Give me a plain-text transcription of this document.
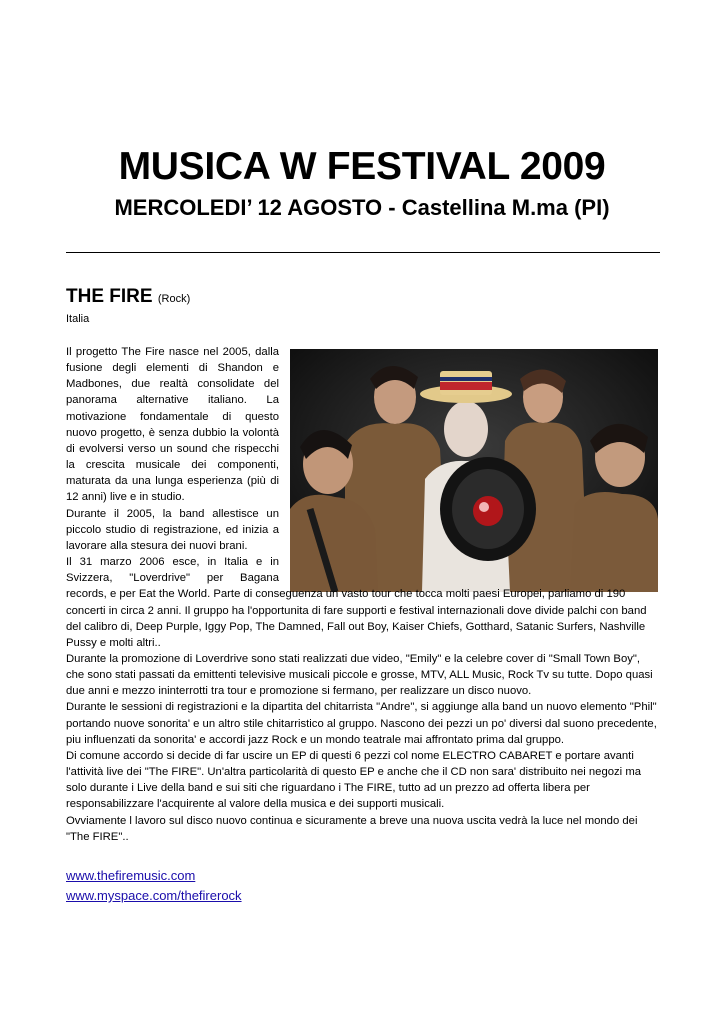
MUSICA W FESTIVAL 2009
MERCOLEDI’ 12 AGOSTO - Castellina M.ma (PI)
THE FIRE (Rock)
Italia
Il progetto The Fire nasce nel 2005, dalla fusione degli elementi di Shandon e Madbones, due realtà consolidate del panorama alternative italiano. La motivazione fondamentale di questo nuovo progetto, è senza dubbio la volontà di evolversi verso un sound che rispecchi la crescita musicale dei componenti, maturata da una lunga esperienza (più di 12 anni) live e in studio.
Durante il 2005, la band allestisce un piccolo studio di registrazione, ed inizia a lavorare alla stesura dei nuovi brani.
Il 31 marzo 2006 esce, in Italia e in Svizzera, "Loverdrive" per Bagana
records, e per Eat the World. Parte di conseguenza un vasto tour che tocca molti paesi Europei, parliamo di 190 concerti in circa 2 anni. Il gruppo ha l'opportunita di fare supporti e festival internazionali dove divide palchi con band del calibro di, Deep Purple, Iggy Pop, The Damned, Fall out Boy, Kaiser Chiefs, Gotthard, Satanic Surfers, Nashville Pussy e molti altri..
Durante la promozione di Loverdrive sono stati realizzati due video, "Emily" e la celebre cover di "Small Town Boy", che sono stati passati da emittenti televisive musicali piccole e grosse, MTV, ALL Music, Rock Tv su tutte. Dopo quasi due anni e mezzo ininterrotti tra tour e promozione si fermano, per realizzare un disco nuovo.
Durante le sessioni di registrazioni e la dipartita del chitarrista "Andre", si aggiunge alla band un nuovo elemento "Phil" portando nuove sonorita' e un altro stile chitarristico al gruppo. Nascono dei pezzi un po' diversi dal suono precedente, piu influenzati da sonorita' e accordi jazz Rock e un mondo teatrale mai affrontato prima dal gruppo.
Di comune accordo si decide di far uscire un EP di questi 6 pezzi col nome ELECTRO CABARET e portare avanti l'attività live dei "The FIRE". Un'altra particolarità di questo EP e anche che il CD non sara' distribuito nei negozi ma solo durante i Live della band e sui siti che riguardano i The FIRE, tutto ad un prezzo ad offerta libera per responsabilizzare l'acquirente al valore della musica e dei supporti musicali.
Ovviamente l lavoro sul disco nuovo continua e sicuramente a breve una nuova uscita vedrà la luce nel mondo dei "The FIRE"..
www.thefiremusic.com
www.myspace.com/thefirerock
